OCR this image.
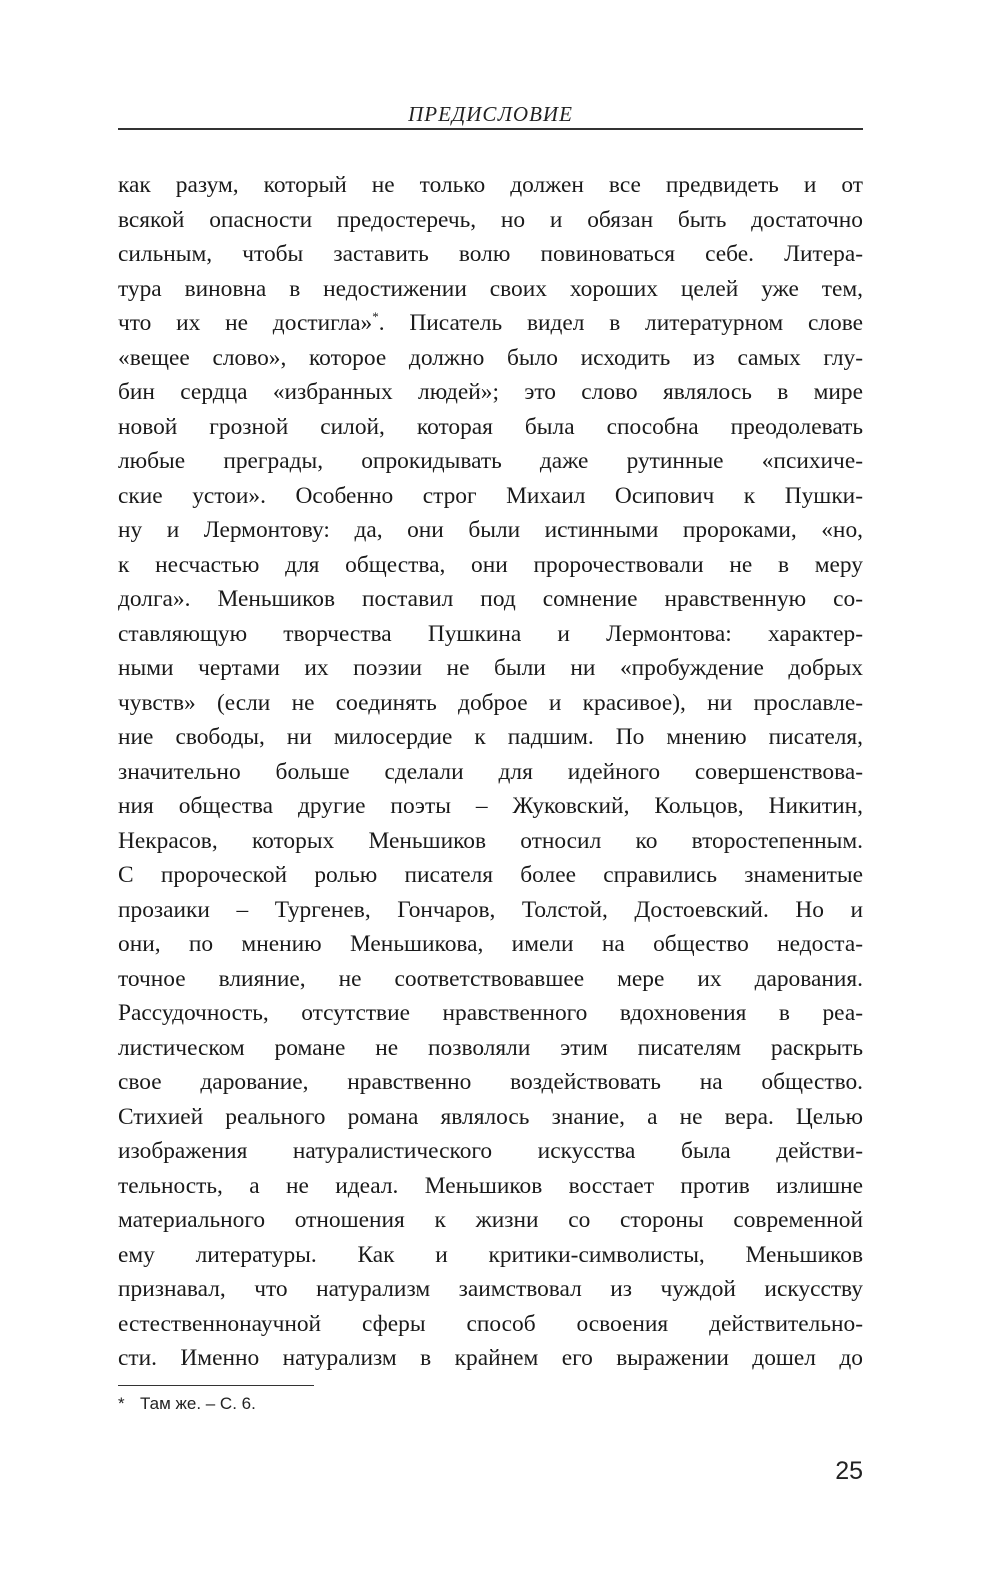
ПРЕДИСЛОВИЕ
как разум, который не только должен все предвидеть и от
всякой опасности предостеречь, но и обязан быть достаточно
сильным, чтобы заставить волю повиноваться себе. Литера-
тура виновна в недостижении своих хороших целей уже тем,
что их не достигла»*. Писатель видел в литературном слове
«вещее слово», которое должно было исходить из самых глу-
бин сердца «избранных людей»; это слово являлось в мире
новой грозной силой, которая была способна преодолевать
любые преграды, опрокидывать даже рутинные «психиче-
ские устои». Особенно строг Михаил Осипович к Пушки-
ну и Лермонтову: да, они были истинными пророками, «но,
к несчастью для общества, они пророчествовали не в меру
долга». Меньшиков поставил под сомнение нравственную со-
ставляющую творчества Пушкина и Лермонтова: характер-
ными чертами их поэзии не были ни «пробуждение добрых
чувств» (если не соединять доброе и красивое), ни прославле-
ние свободы, ни милосердие к падшим. По мнению писателя,
значительно больше сделали для идейного совершенствова-
ния общества другие поэты – Жуковский, Кольцов, Никитин,
Некрасов, которых Меньшиков относил ко второстепенным.
С пророческой ролью писателя более справились знаменитые
прозаики – Тургенев, Гончаров, Толстой, Достоевский. Но и
они, по мнению Меньшикова, имели на общество недоста-
точное влияние, не соответствовавшее мере их дарования.
Рассудочность, отсутствие нравственного вдохновения в реа-
листическом романе не позволяли этим писателям раскрыть
свое дарование, нравственно воздействовать на общество.
Стихией реального романа являлось знание, а не вера. Целью
изображения натуралистического искусства была действи-
тельность, а не идеал. Меньшиков восстает против излишне
материального отношения к жизни со стороны современной
ему литературы. Как и критики-символисты, Меньшиков
признавал, что натурализм заимствовал из чуждой искусству
естественнонаучной сферы способ освоения действительно-
сти. Именно натурализм в крайнем его выражении дошел до
* Там же. – С. 6.
25
